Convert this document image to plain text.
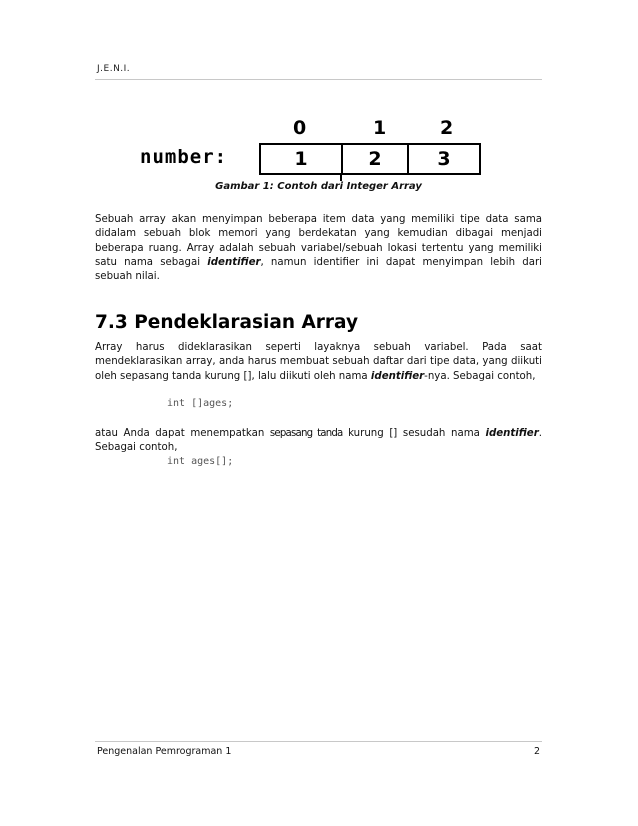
J.E.N.I.
0	1	2
number:	1	2	3
Gambar 1: Contoh dari Integer Array
Sebuah array akan menyimpan beberapa item data yang memiliki tipe data sama didalam sebuah blok memori yang berdekatan yang kemudian dibagai menjadi beberapa ruang. Array adalah sebuah variabel/sebuah lokasi tertentu yang memiliki satu nama sebagai identifier, namun identifier ini dapat menyimpan lebih dari sebuah nilai.
7.3 Pendeklarasian Array
Array harus dideklarasikan seperti layaknya sebuah variabel. Pada saat mendeklarasikan array, anda harus membuat sebuah daftar dari tipe data, yang diikuti oleh sepasang tanda kurung [], lalu diikuti oleh nama identifier-nya. Sebagai contoh,
int []ages;
atau Anda dapat menempatkan sepasang tanda kurung [] sesudah nama identifier. Sebagai contoh,
int ages[];
Pengenalan Pemrograman 1	2
